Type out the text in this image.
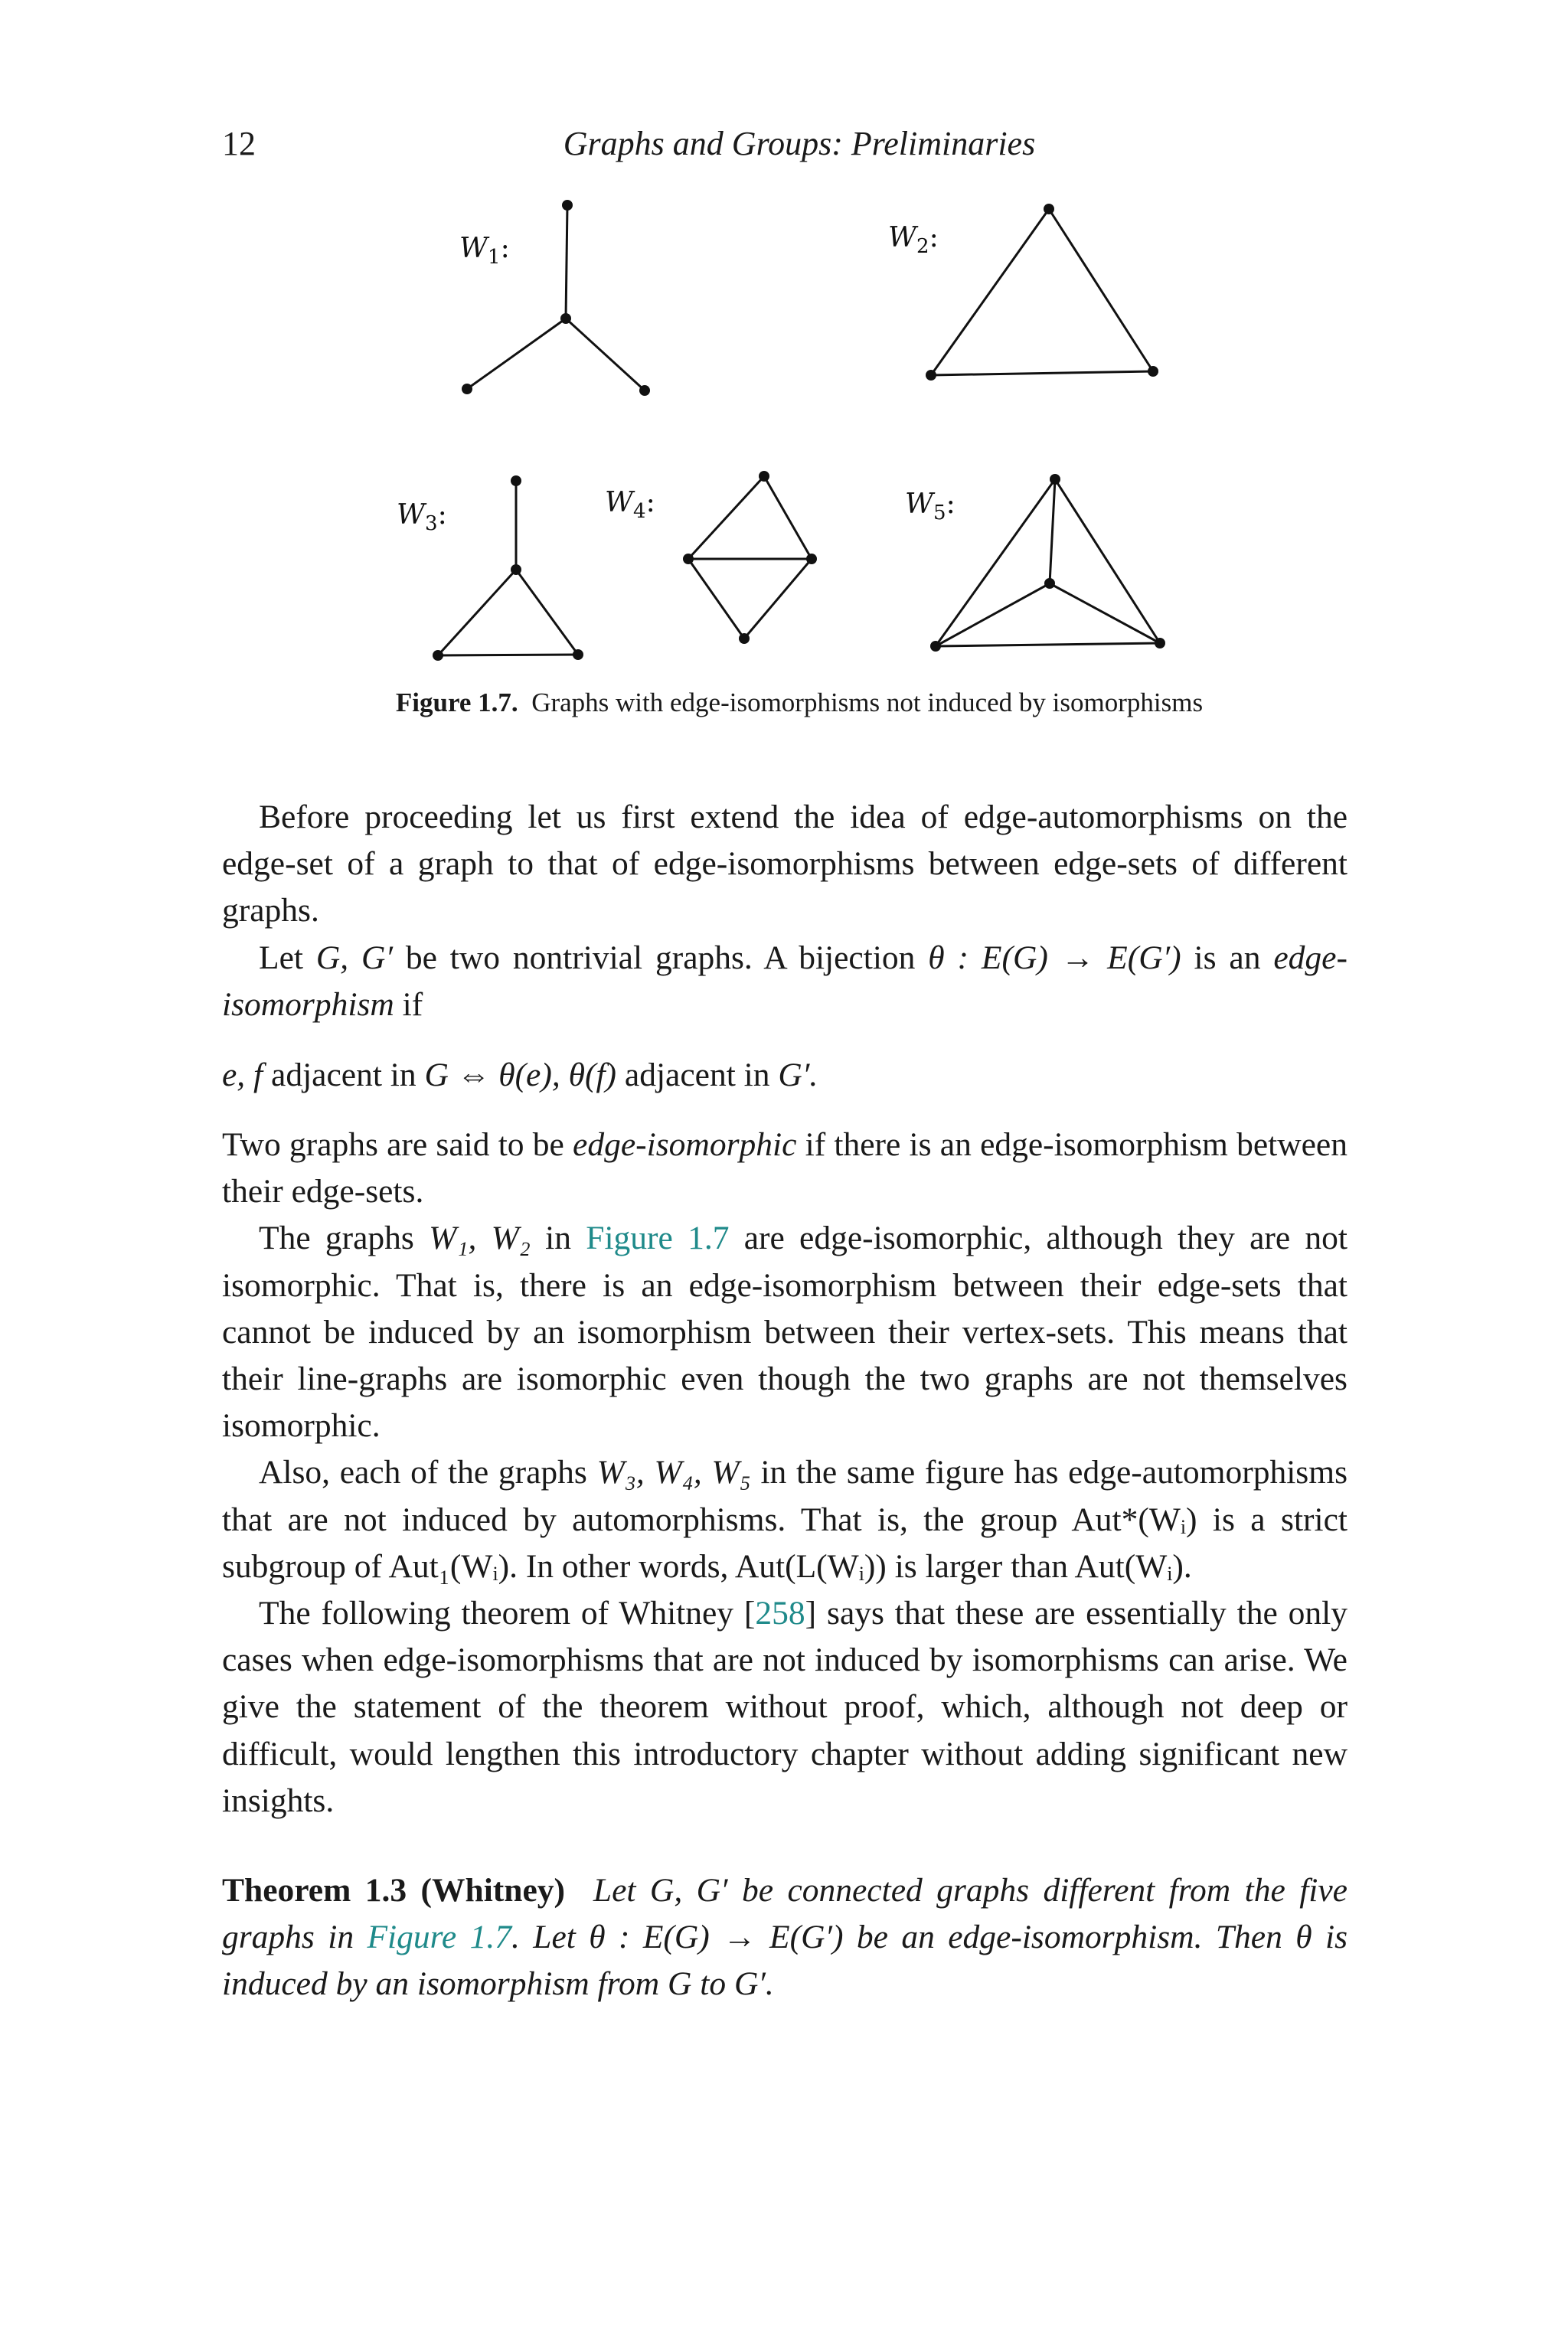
12	Graphs and Groups: Preliminaries
$W_1$:	$W_2$:
$W_3$:	$W_4$:	$W_5$:
Figure 1.7. Graphs with edge-isomorphisms not induced by isomorphisms

Before proceeding let us first extend the idea of edge-automorphisms on the edge-set of a graph to that of edge-isomorphisms between edge-sets of different graphs.

Let G, G′ be two nontrivial graphs. A bijection θ : E(G) → E(G′) is an edge-isomorphism if

e, f adjacent in G ⇔ θ(e), θ(f) adjacent in G′.

Two graphs are said to be edge-isomorphic if there is an edge-isomorphism between their edge-sets.

The graphs W₁, W₂ in Figure 1.7 are edge-isomorphic, although they are not isomorphic. That is, there is an edge-isomorphism between their edge-sets that cannot be induced by an isomorphism between their vertex-sets. This means that their line-graphs are isomorphic even though the two graphs are not themselves isomorphic.

Also, each of the graphs W₃, W₄, W₅ in the same figure has edge-automorphisms that are not induced by automorphisms. That is, the group Aut*(Wᵢ) is a strict subgroup of Aut₁(Wᵢ). In other words, Aut(L(Wᵢ)) is larger than Aut(Wᵢ).

The following theorem of Whitney [258] says that these are essentially the only cases when edge-isomorphisms that are not induced by isomorphisms can arise. We give the statement of the theorem without proof, which, although not deep or difficult, would lengthen this introductory chapter without adding significant new insights.

Theorem 1.3 (Whitney) Let G, G′ be connected graphs different from the five graphs in Figure 1.7. Let θ : E(G) → E(G′) be an edge-isomorphism. Then θ is induced by an isomorphism from G to G′.
